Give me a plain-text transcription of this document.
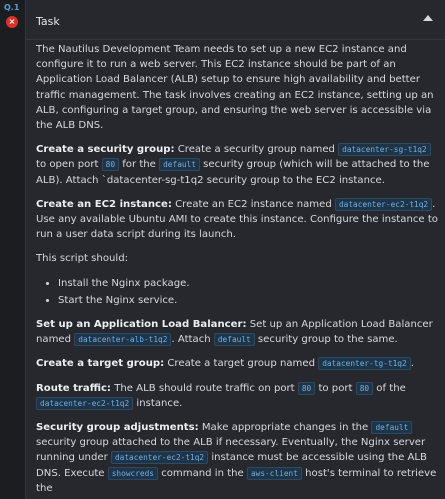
Q.1
× Task

The Nautilus Development Team needs to set up a new EC2 instance and configure it to run a web server. This EC2 instance should be part of an Application Load Balancer (ALB) setup to ensure high availability and better traffic management. The task involves creating an EC2 instance, setting up an ALB, configuring a target group, and ensuring the web server is accessible via the ALB DNS.

Create a security group: Create a security group named datacenter-sg-t1q2 to open port 80 for the default security group (which will be attached to the ALB). Attach `datacenter-sg-t1q2 security group to the EC2 instance.

Create an EC2 instance: Create an EC2 instance named datacenter-ec2-t1q2 . Use any available Ubuntu AMI to create this instance. Configure the instance to run a user data script during its launch.

This script should:

• Install the Nginx package.
• Start the Nginx service.

Set up an Application Load Balancer: Set up an Application Load Balancer named datacenter-alb-t1q2 . Attach default security group to the same.

Create a target group: Create a target group named datacenter-tg-t1q2 .

Route traffic: The ALB should route traffic on port 80 to port 80 of the datacenter-ec2-t1q2 instance.

Security group adjustments: Make appropriate changes in the default security group attached to the ALB if necessary. Eventually, the Nginx server running under datacenter-ec2-t1q2 instance must be accessible using the ALB DNS. Execute showcreds command in the aws-client host's terminal to retrieve the
